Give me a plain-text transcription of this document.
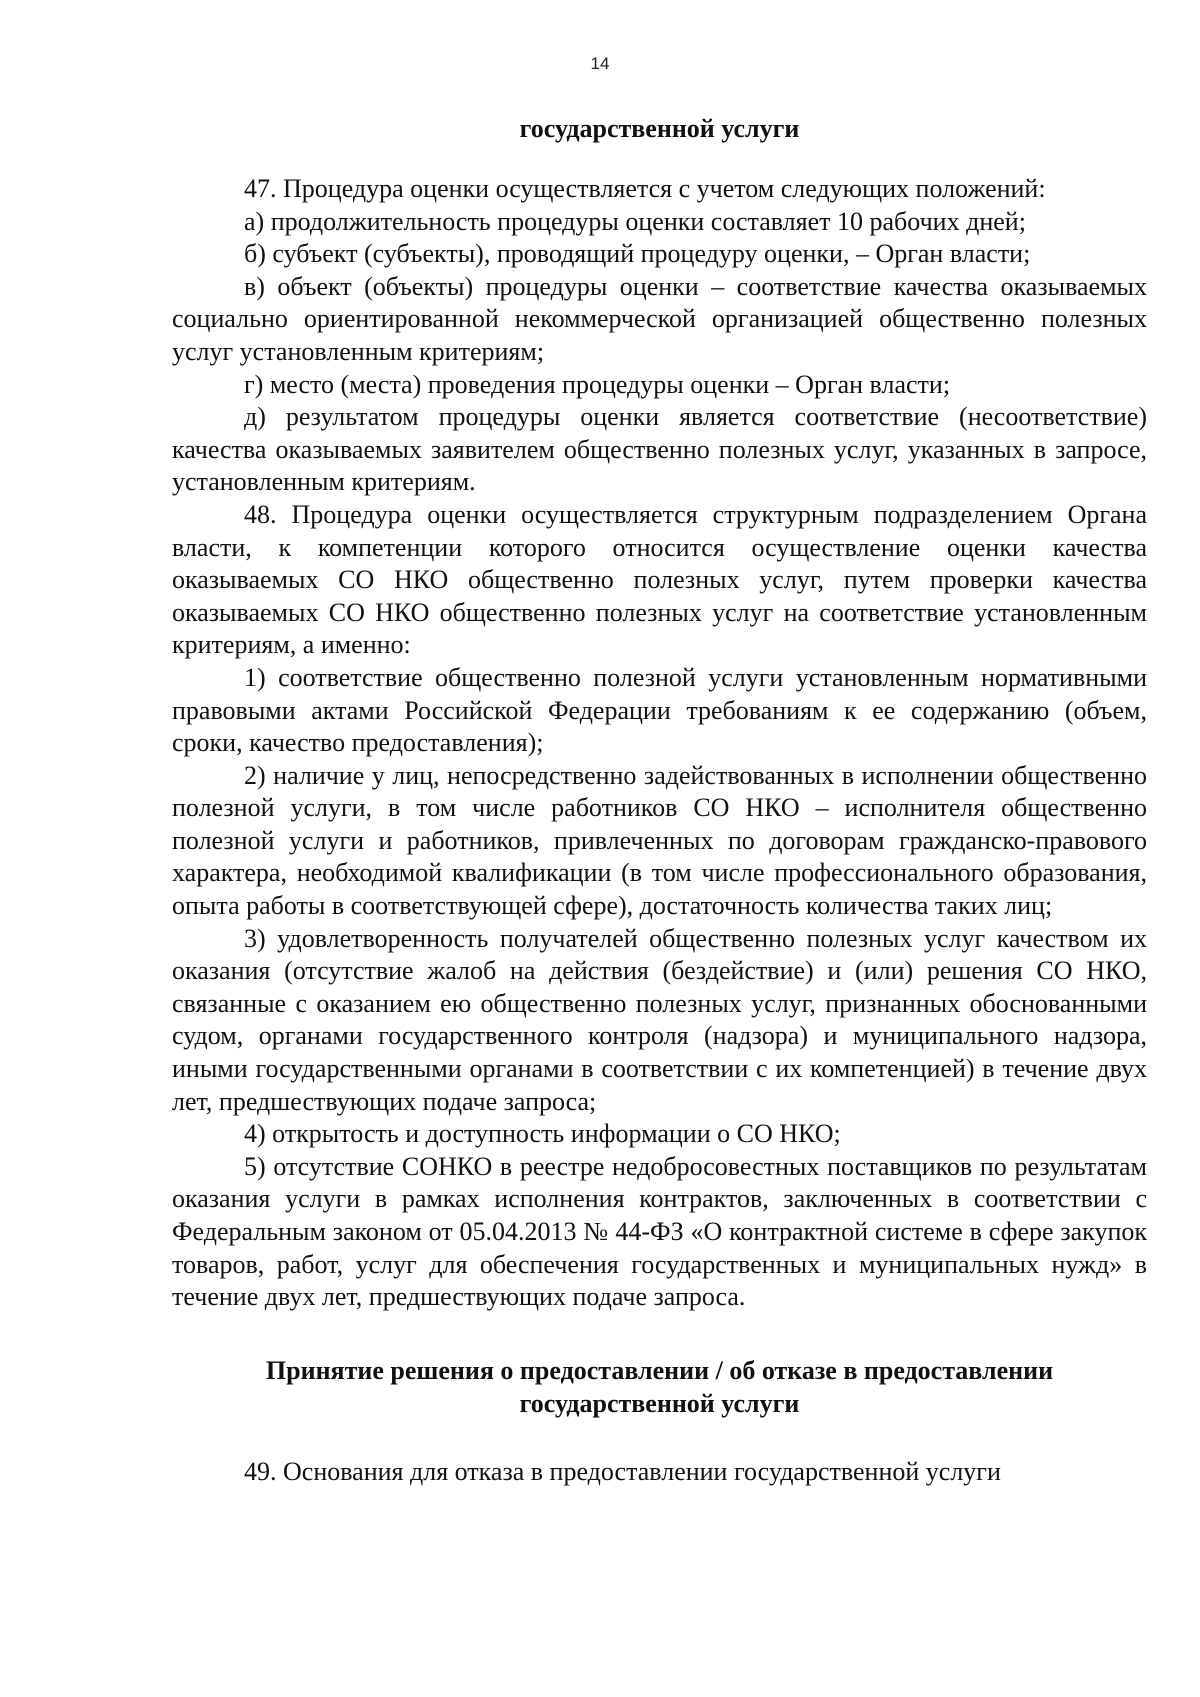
14

государственной услуги

47. Процедура оценки осуществляется с учетом следующих положений:

а) продолжительность процедуры оценки составляет 10 рабочих дней;

б) субъект (субъекты), проводящий процедуру оценки, – Орган власти;

в) объект (объекты) процедуры оценки – соответствие качества оказываемых социально ориентированной некоммерческой организацией общественно полезных услуг установленным критериям;

г) место (места) проведения процедуры оценки – Орган власти;

д) результатом процедуры оценки является соответствие (несоответствие) качества оказываемых заявителем общественно полезных услуг, указанных в запросе, установленным критериям.

48. Процедура оценки осуществляется структурным подразделением Органа власти, к компетенции которого относится осуществление оценки качества оказываемых СО НКО общественно полезных услуг, путем проверки качества оказываемых СО НКО общественно полезных услуг на соответствие установленным критериям, а именно:

1) соответствие общественно полезной услуги установленным нормативными правовыми актами Российской Федерации требованиям к ее содержанию (объем, сроки, качество предоставления);

2) наличие у лиц, непосредственно задействованных в исполнении общественно полезной услуги, в том числе работников СО НКО – исполнителя общественно полезной услуги и работников, привлеченных по договорам гражданско-правового характера, необходимой квалификации (в том числе профессионального образования, опыта работы в соответствующей сфере), достаточность количества таких лиц;

3) удовлетворенность получателей общественно полезных услуг качеством их оказания (отсутствие жалоб на действия (бездействие) и (или) решения СО НКО, связанные с оказанием ею общественно полезных услуг, признанных обоснованными судом, органами государственного контроля (надзора) и муниципального надзора, иными государственными органами в соответствии с их компетенцией) в течение двух лет, предшествующих подаче запроса;

4) открытость и доступность информации о СО НКО;

5) отсутствие СОНКО в реестре недобросовестных поставщиков по результатам оказания услуги в рамках исполнения контрактов, заключенных в соответствии с Федеральным законом от 05.04.2013 № 44-ФЗ «О контрактной системе в сфере закупок товаров, работ, услуг для обеспечения государственных и муниципальных нужд» в течение двух лет, предшествующих подаче запроса.

Принятие решения о предоставлении / об отказе в предоставлении
государственной услуги

49. Основания для отказа в предоставлении государственной услуги
